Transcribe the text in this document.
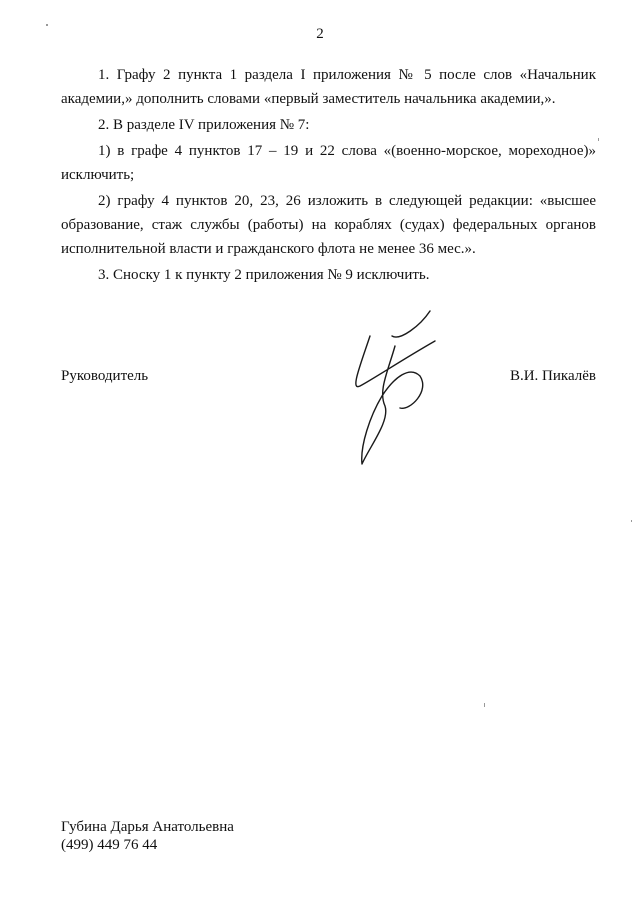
2

1. Графу 2 пункта 1 раздела I приложения № 5 после слов «Начальник академии,» дополнить словами «первый заместитель начальника академии,».

2. В разделе IV приложения № 7:

1) в графе 4 пунктов 17 – 19 и 22 слова «(военно-морское, мореходное)» исключить;

2) графу 4 пунктов 20, 23, 26 изложить в следующей редакции: «высшее образование, стаж службы (работы) на кораблях (судах) федеральных органов исполнительной власти и гражданского флота не менее 36 мес.».

3. Сноску 1 к пункту 2 приложения № 9 исключить.

Руководитель	В.И. Пикалёв
Губина Дарья Анатольевна
(499) 449 76 44
